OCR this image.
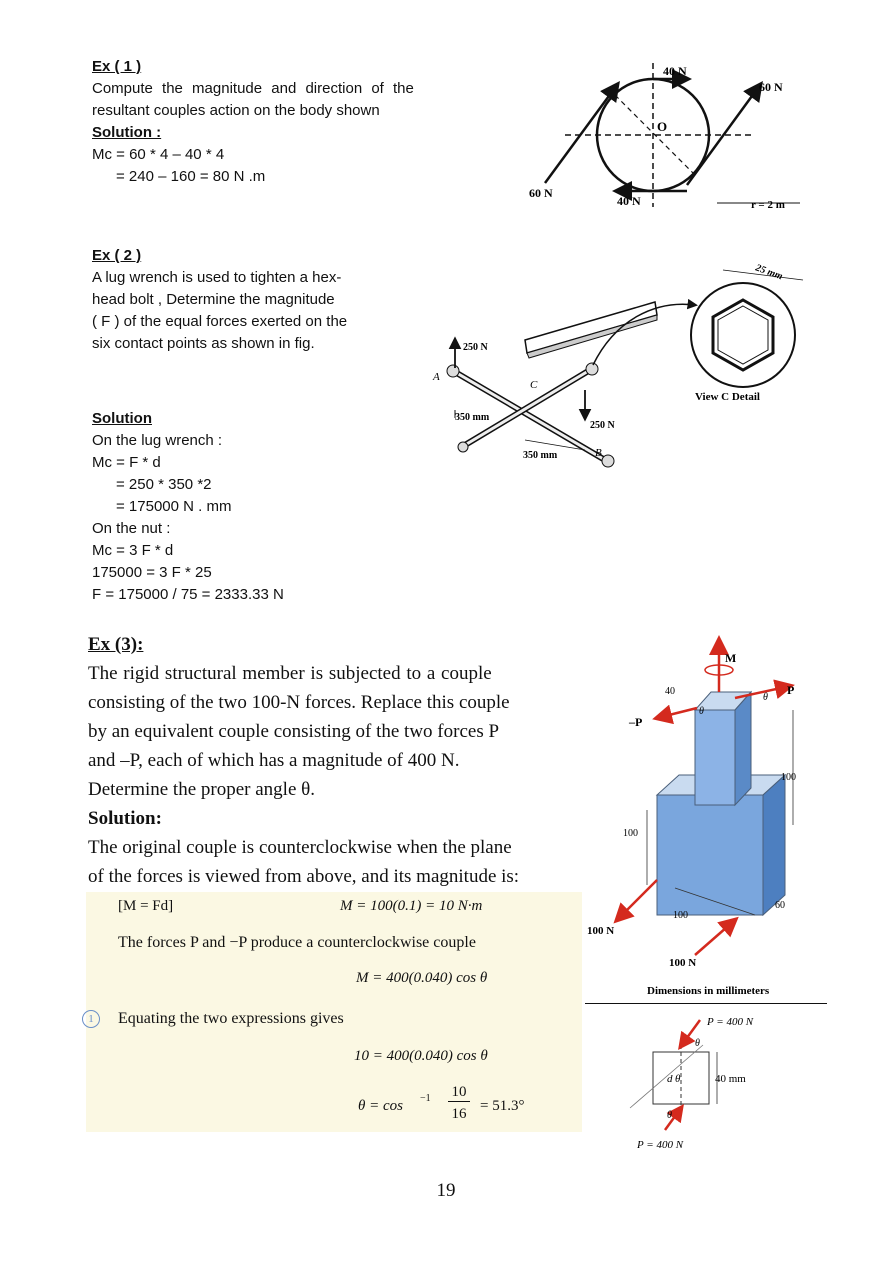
Ex ( 1 )
Compute the magnitude and direction of the
resultant couples action on the body shown
Solution :
Mc = 60 * 4 – 40 * 4
= 240 – 160 = 80 N .m
40 N
60 N
60 N
40 N
O
r = 2 m
Ex ( 2 )
A lug wrench is used to tighten a hex-
head bolt , Determine the magnitude
( F ) of the equal forces exerted on the
six contact points as shown in fig.
Solution
On the lug wrench :
Mc = F * d
= 250 * 350 *2
= 175000 N . mm
On the nut :
Mc = 3 F * d
175000 = 3 F * 25
F = 175000 / 75 = 2333.33 N
250 N
250 N
350 mm
350 mm
A
B
C
View C Detail
25 mm
Ex (3):
The rigid structural member is subjected to a couple
consisting of the two 100-N forces. Replace this couple
by an equivalent couple consisting of the two forces P
and –P, each of which has a magnitude of 400 N.
Determine the proper angle θ.
Solution:
The original couple is counterclockwise when the plane
of the forces is viewed from above, and its magnitude is:
[M = Fd]	M = 100(0.1) = 10 N·m
The forces P and −P produce a counterclockwise couple
M = 400(0.040) cos θ
1	Equating the two expressions gives
10 = 400(0.040) cos θ
θ = cos −1 10
16 = 51.3°
M
P
–P
40
θ
θ
100
100
100
60
100 N
100 N
Dimensions in millimeters
P = 400 N
P = 400 N
40 mm
d θ
θ
θ
19
